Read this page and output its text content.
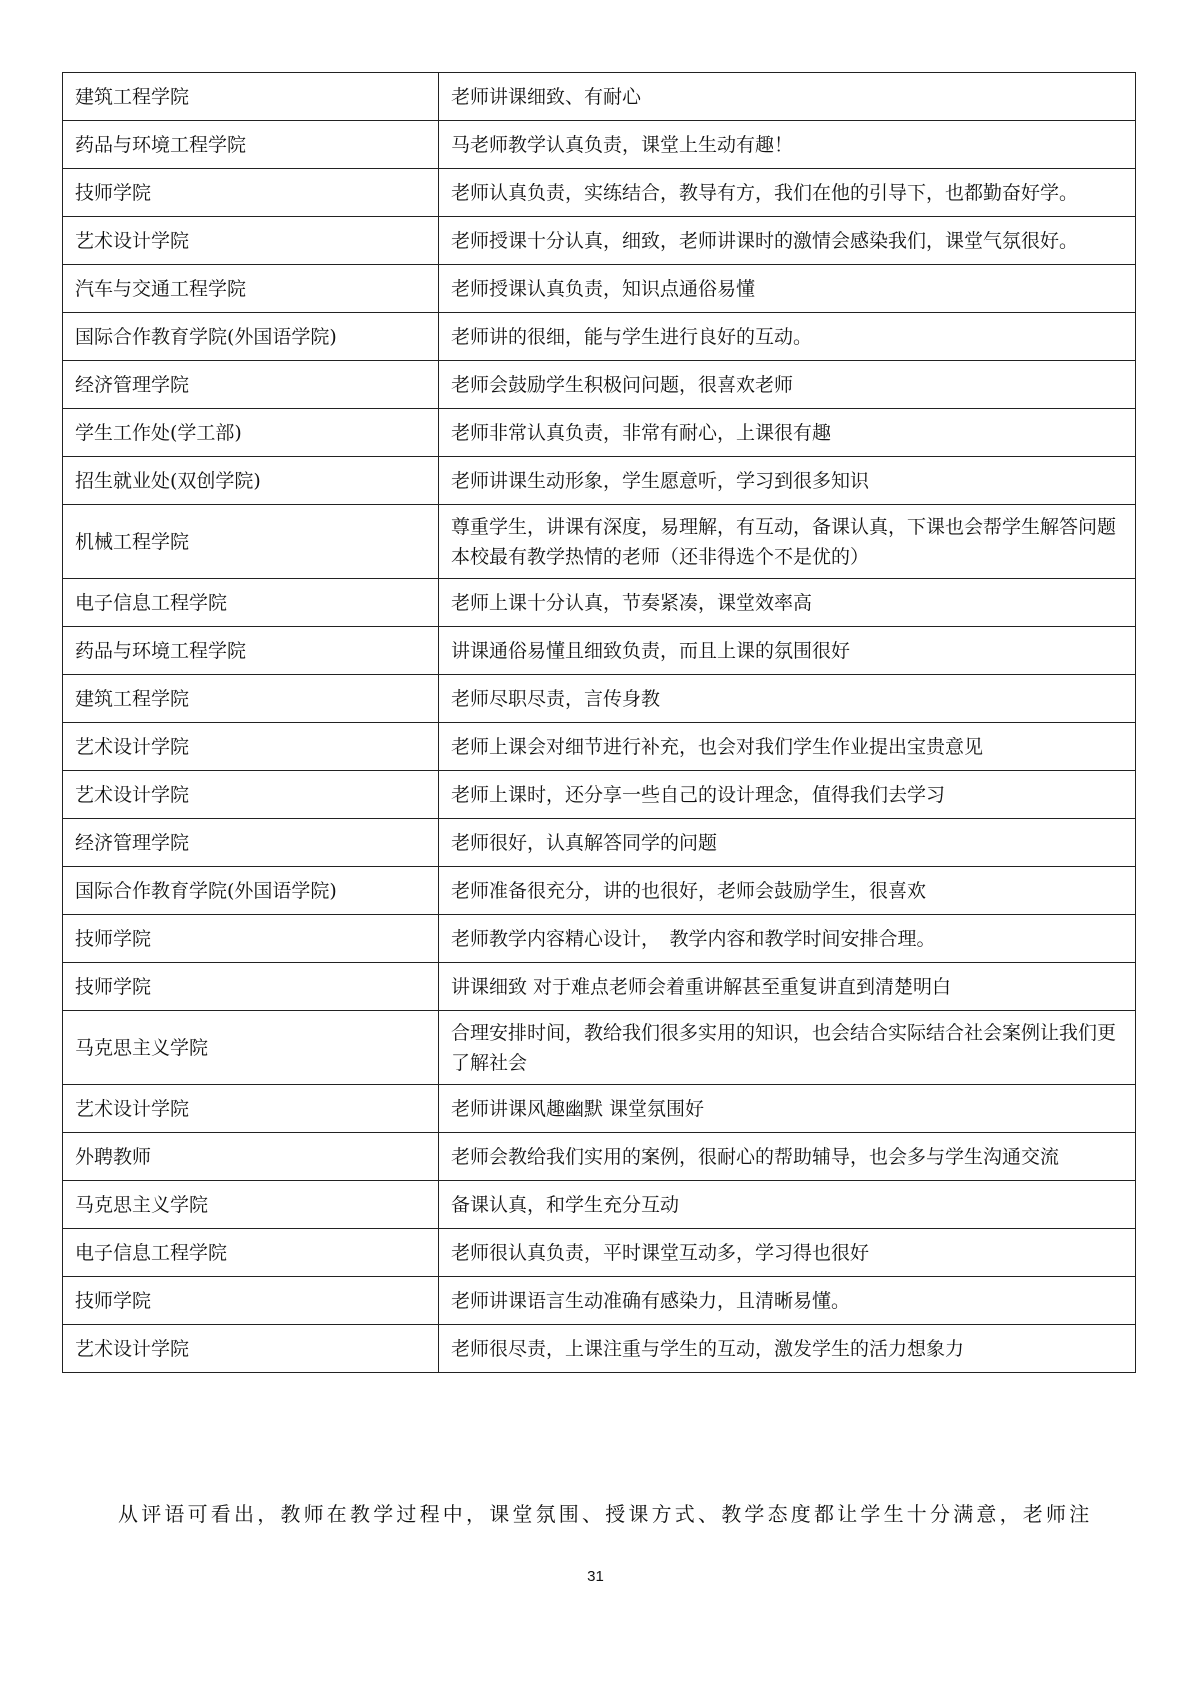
建筑工程学院	老师讲课细致、有耐心
药品与环境工程学院	马老师教学认真负责，课堂上生动有趣！
技师学院	老师认真负责，实练结合，教导有方，我们在他的引导下，也都勤奋好学。
艺术设计学院	老师授课十分认真，细致，老师讲课时的激情会感染我们，课堂气氛很好。
汽车与交通工程学院	老师授课认真负责，知识点通俗易懂
国际合作教育学院(外国语学院)	老师讲的很细，能与学生进行良好的互动。
经济管理学院	老师会鼓励学生积极问问题，很喜欢老师
学生工作处(学工部)	老师非常认真负责，非常有耐心，上课很有趣
招生就业处(双创学院)	老师讲课生动形象，学生愿意听，学习到很多知识
机械工程学院	尊重学生，讲课有深度，易理解，有互动，备课认真，下课也会帮学生解答问题　本校最有教学热情的老师（还非得选个不是优的）
电子信息工程学院	老师上课十分认真，节奏紧凑，课堂效率高
药品与环境工程学院	讲课通俗易懂且细致负责，而且上课的氛围很好
建筑工程学院	老师尽职尽责，言传身教
艺术设计学院	老师上课会对细节进行补充，也会对我们学生作业提出宝贵意见
艺术设计学院	老师上课时，还分享一些自己的设计理念，值得我们去学习
经济管理学院	老师很好，认真解答同学的问题
国际合作教育学院(外国语学院)	老师准备很充分，讲的也很好，老师会鼓励学生，很喜欢
技师学院	老师教学内容精心设计，　教学内容和教学时间安排合理。
技师学院	讲课细致 对于难点老师会着重讲解甚至重复讲直到清楚明白
马克思主义学院	合理安排时间，教给我们很多实用的知识，也会结合实际结合社会案例让我们更了解社会
艺术设计学院	老师讲课风趣幽默 课堂氛围好
外聘教师	老师会教给我们实用的案例，很耐心的帮助辅导，也会多与学生沟通交流
马克思主义学院	备课认真，和学生充分互动
电子信息工程学院	老师很认真负责，平时课堂互动多，学习得也很好
技师学院	老师讲课语言生动准确有感染力，且清晰易懂。
艺术设计学院	老师很尽责，上课注重与学生的互动，激发学生的活力想象力
从评语可看出，教师在教学过程中，课堂氛围、授课方式、教学态度都让学生十分满意，老师注
31
